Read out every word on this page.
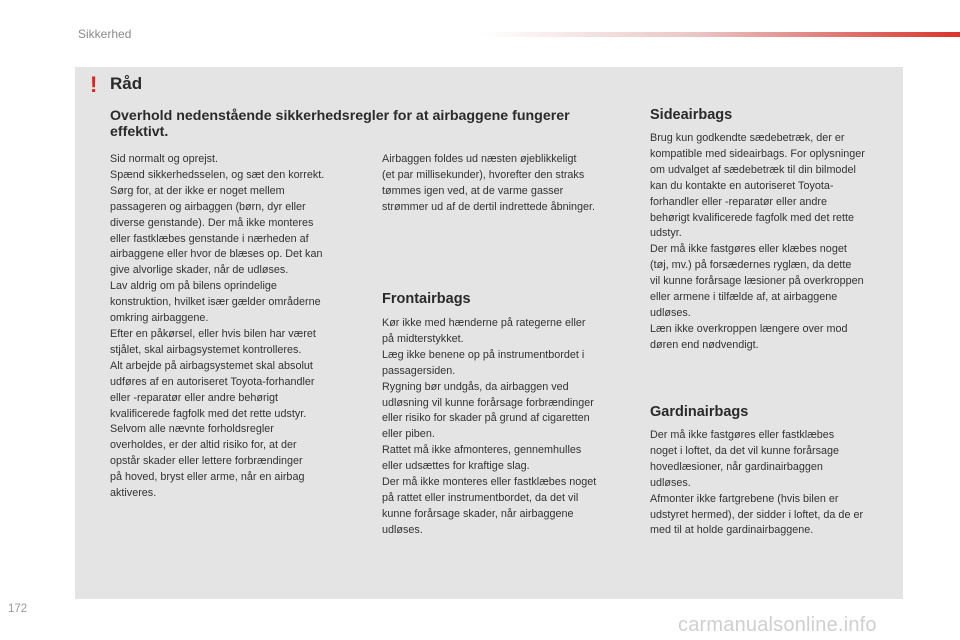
Sikkerhed
! Råd
Overhold nedenstående sikkerhedsregler for at airbaggene fungerer effektivt.

Sid normalt og oprejst.

Spænd sikkerhedsselen, og sæt den korrekt.

Sørg for, at der ikke er noget mellem

passageren og airbaggen (børn, dyr eller

diverse genstande). Der må ikke monteres

eller fastklæbes genstande i nærheden af

airbaggene eller hvor de blæses op. Det kan

give alvorlige skader, når de udløses.

Lav aldrig om på bilens oprindelige

konstruktion, hvilket især gælder områderne

omkring airbaggene.

Efter en påkørsel, eller hvis bilen har været

stjålet, skal airbagsystemet kontrolleres.

Alt arbejde på airbagsystemet skal absolut

udføres af en autoriseret Toyota-forhandler

eller -reparatør eller andre behørigt

kvalificerede fagfolk med det rette udstyr.

Selvom alle nævnte forholdsregler

overholdes, er der altid risiko for, at der

opstår skader eller lettere forbrændinger

på hoved, bryst eller arme, når en airbag

aktiveres.

Airbaggen foldes ud næsten øjeblikkeligt

(et par millisekunder), hvorefter den straks

tømmes igen ved, at de varme gasser

strømmer ud af de dertil indrettede åbninger.

Frontairbags

Kør ikke med hænderne på rategerne eller

på midterstykket.

Læg ikke benene op på instrumentbordet i

passagersiden.

Rygning bør undgås, da airbaggen ved

udløsning vil kunne forårsage forbrændinger

eller risiko for skader på grund af cigaretten

eller piben.

Rattet må ikke afmonteres, gennemhulles

eller udsættes for kraftige slag.

Der må ikke monteres eller fastklæbes noget

på rattet eller instrumentbordet, da det vil

kunne forårsage skader, når airbaggene

udløses.

Sideairbags

Brug kun godkendte sædebetræk, der er

kompatible med sideairbags. For oplysninger

om udvalget af sædebetræk til din bilmodel

kan du kontakte en autoriseret Toyota-

forhandler eller -reparatør eller andre

behørigt kvalificerede fagfolk med det rette

udstyr.

Der må ikke fastgøres eller klæbes noget

(tøj, mv.) på forsædernes ryglæn, da dette

vil kunne forårsage læsioner på overkroppen

eller armene i tilfælde af, at airbaggene

udløses.

Læn ikke overkroppen længere over mod

døren end nødvendigt.

Gardinairbags

Der må ikke fastgøres eller fastklæbes

noget i loftet, da det vil kunne forårsage

hovedlæsioner, når gardinairbaggen

udløses.

Afmonter ikke fartgrebene (hvis bilen er

udstyret hermed), der sidder i loftet, da de er

med til at holde gardinairbaggene.

172
carmanualsonline.info
